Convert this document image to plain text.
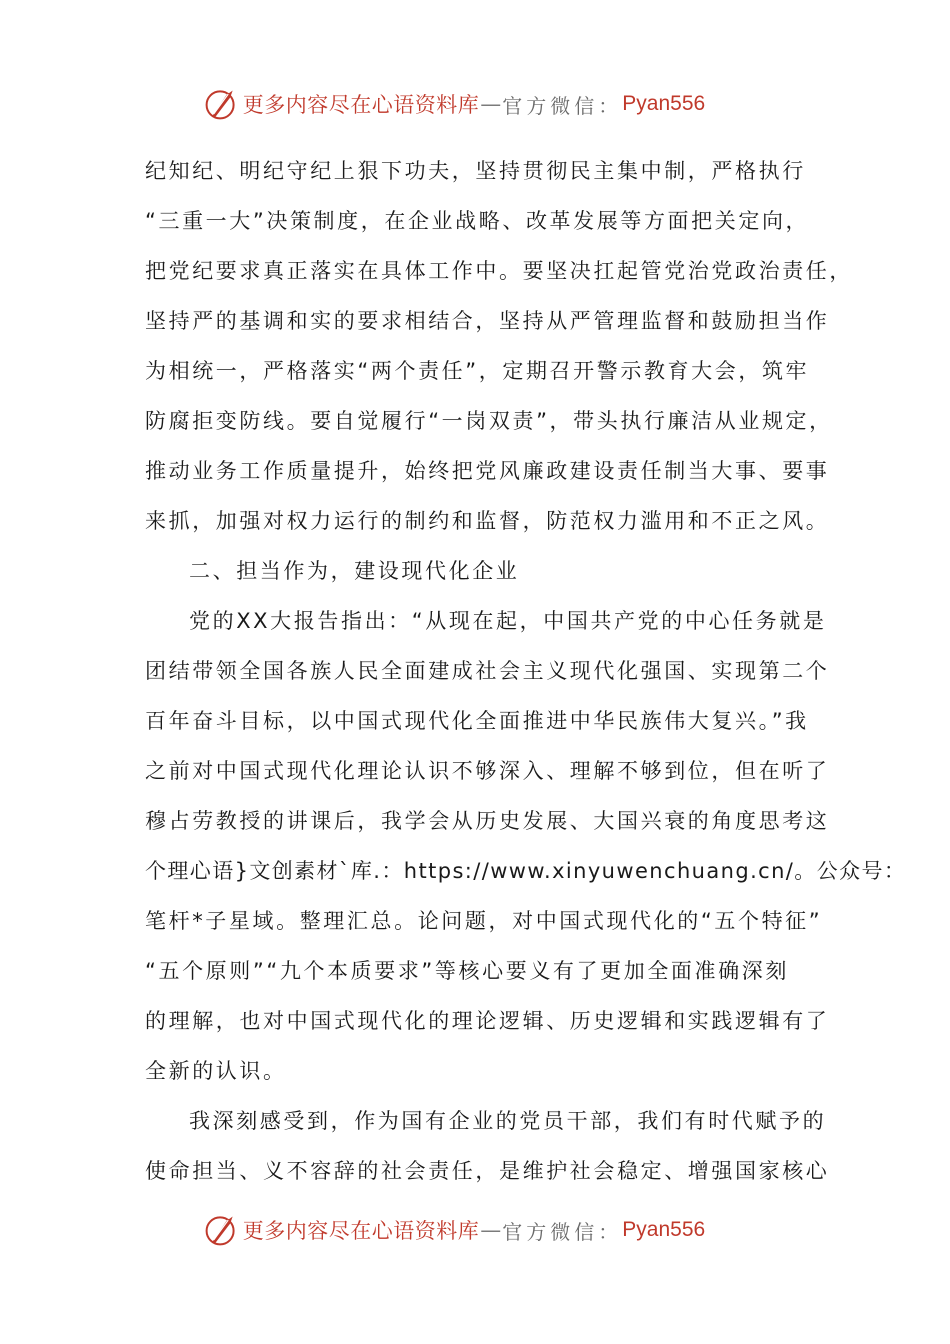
更多内容尽在心语资料库 — 官方微信： Pyan556
纪知纪、明纪守纪上狠下功夫，坚持贯彻民主集中制，严格执行
“三重一大”决策制度，在企业战略、改革发展等方面把关定向，
把党纪要求真正落实在具体工作中。要坚决扛起管党治党政治责任，
坚持严的基调和实的要求相结合，坚持从严管理监督和鼓励担当作
为相统一，严格落实“两个责任”，定期召开警示教育大会，筑牢
防腐拒变防线。要自觉履行“一岗双责”，带头执行廉洁从业规定，
推动业务工作质量提升，始终把党风廉政建设责任制当大事、要事
来抓，加强对权力运行的制约和监督，防范权力滥用和不正之风。
二、担当作为，建设现代化企业
党的XX大报告指出：“从现在起，中国共产党的中心任务就是
团结带领全国各族人民全面建成社会主义现代化强国、实现第二个
百年奋斗目标，以中国式现代化全面推进中华民族伟大复兴。”我
之前对中国式现代化理论认识不够深入、理解不够到位，但在听了
穆占劳教授的讲课后，我学会从历史发展、大国兴衰的角度思考这
个理心语}文创素材`库.：https://www.xinyuwenchuang.cn/。公众号：
笔杆*子星域。整理汇总。论问题，对中国式现代化的“五个特征”
“五个原则”“九个本质要求”等核心要义有了更加全面准确深刻
的理解，也对中国式现代化的理论逻辑、历史逻辑和实践逻辑有了
全新的认识。
我深刻感受到，作为国有企业的党员干部，我们有时代赋予的
使命担当、义不容辞的社会责任，是维护社会稳定、增强国家核心
更多内容尽在心语资料库 — 官方微信： Pyan556
